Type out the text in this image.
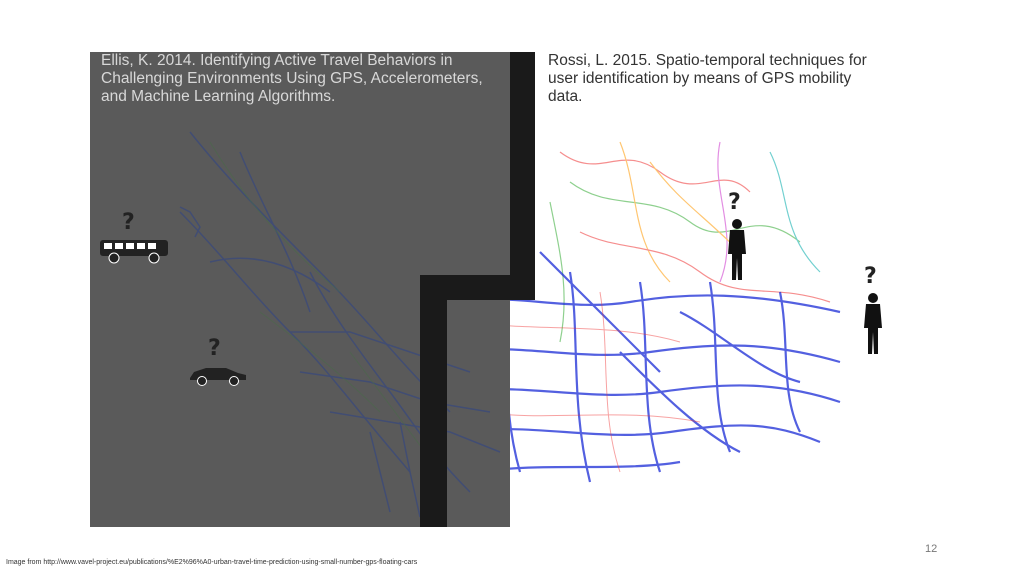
Ellis, K. 2014. Identifying Active Travel Behaviors in Challenging Environments Using GPS, Accelerometers, and Machine Learning Algorithms.
Rossi, L. 2015. Spatio-temporal techniques for user identification by means of GPS mobility data.
?
?
?
?
12
Image from http://www.vavel-project.eu/publications/%E2%96%A0-urban-travel-time-prediction-using-small-number-gps-floating-cars
